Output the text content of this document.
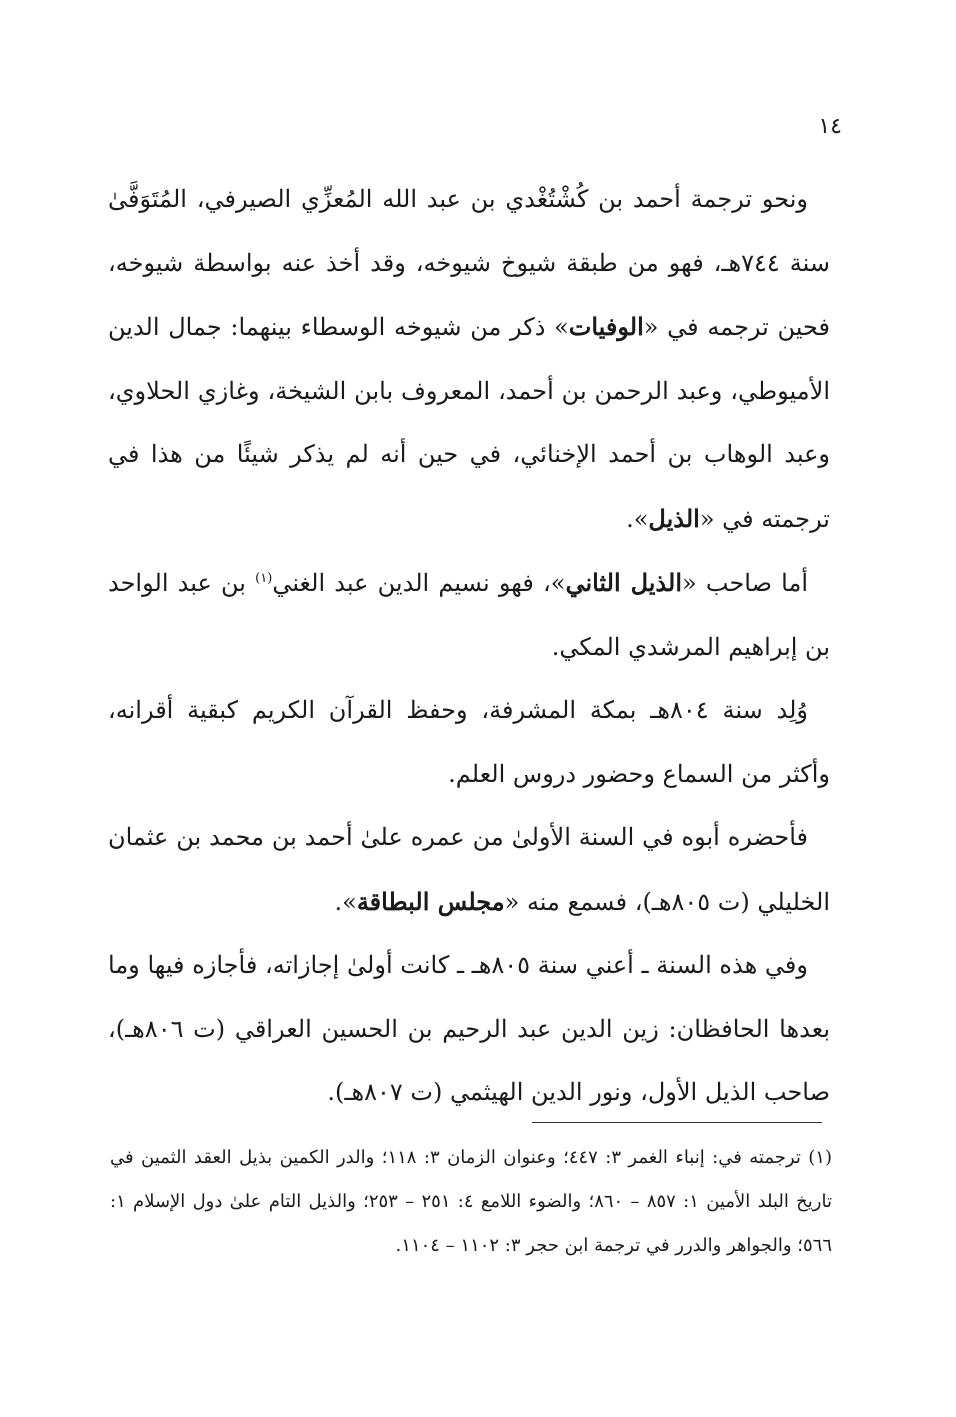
١٤

ونحو ترجمة أحمد بن كُشْتُغْدي بن عبد الله المُعزِّي الصيرفي، المُتَوَفَّىٰ سنة ٧٤٤هـ، فهو من طبقة شيوخ شيوخه، وقد أخذ عنه بواسطة شيوخه، فحين ترجمه في «الوفيات» ذكر من شيوخه الوسطاء بينهما: جمال الدين الأميوطي، وعبد الرحمن بن أحمد، المعروف بابن الشيخة، وغازي الحلاوي، وعبد الوهاب بن أحمد الإخنائي، في حين أنه لم يذكر شيئًا من هذا في ترجمته في «الذيل».

أما صاحب «الذيل الثاني»، فهو نسيم الدين عبد الغني$^{(١)}$ بن عبد الواحد بن إبراهيم المرشدي المكي.

وُلِد سنة ٨٠٤هـ بمكة المشرفة، وحفظ القرآن الكريم كبقية أقرانه، وأكثر من السماع وحضور دروس العلم.

فأحضره أبوه في السنة الأولىٰ من عمره علىٰ أحمد بن محمد بن عثمان الخليلي (ت ٨٠٥هـ)، فسمع منه «مجلس البطاقة».

وفي هذه السنة ـ أعني سنة ٨٠٥هـ ـ كانت أولىٰ إجازاته، فأجازه فيها وما بعدها الحافظان: زين الدين عبد الرحيم بن الحسين العراقي (ت ٨٠٦هـ)، صاحب الذيل الأول، ونور الدين الهيثمي (ت ٨٠٧هـ).

(١) ترجمته في: إنباء الغمر ٣: ٤٤٧؛ وعنوان الزمان ٣: ١١٨؛ والدر الكمين بذيل العقد الثمين في تاريخ البلد الأمين ١: ٨٥٧ – ٨٦٠؛ والضوء اللامع ٤: ٢٥١ – ٢٥٣؛ والذيل التام علىٰ دول الإسلام ١: ٥٦٦؛ والجواهر والدرر في ترجمة ابن حجر ٣: ١١٠٢ – ١١٠٤.
